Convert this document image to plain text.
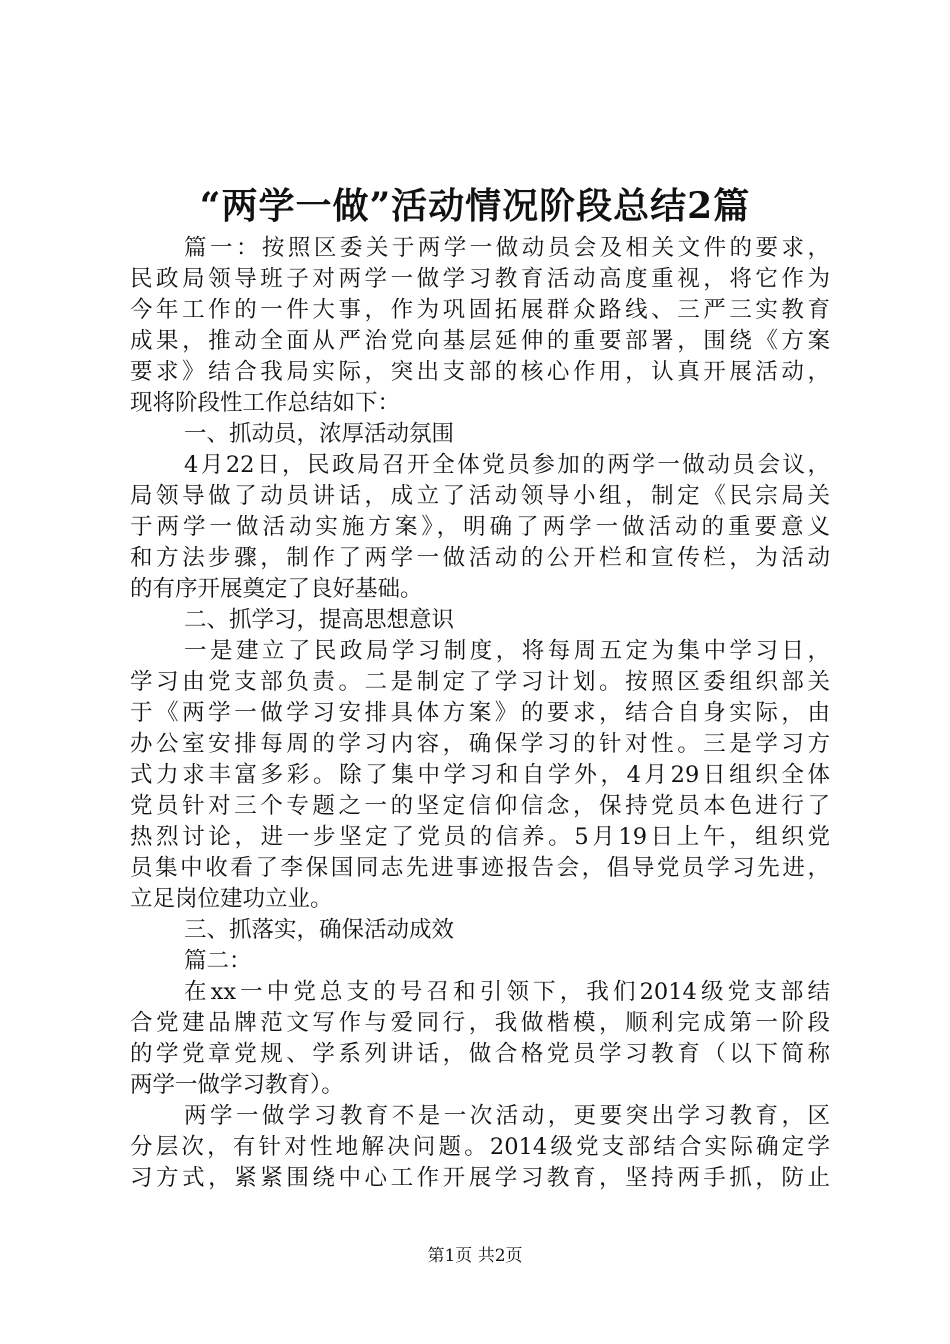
“两学一做”活动情况阶段总结2篇
篇一：按照区委关于两学一做动员会及相关文件的要求，
民政局领导班子对两学一做学习教育活动高度重视，将它作为
今年工作的一件大事，作为巩固拓展群众路线、三严三实教育
成果，推动全面从严治党向基层延伸的重要部署，围绕《方案
要求》结合我局实际，突出支部的核心作用，认真开展活动，
现将阶段性工作总结如下：
一、抓动员，浓厚活动氛围
4月22日，民政局召开全体党员参加的两学一做动员会议，
局领导做了动员讲话，成立了活动领导小组，制定《民宗局关
于两学一做活动实施方案》，明确了两学一做活动的重要意义
和方法步骤，制作了两学一做活动的公开栏和宣传栏，为活动
的有序开展奠定了良好基础。
二、抓学习，提高思想意识
一是建立了民政局学习制度，将每周五定为集中学习日，
学习由党支部负责。二是制定了学习计划。按照区委组织部关
于《两学一做学习安排具体方案》的要求，结合自身实际，由
办公室安排每周的学习内容，确保学习的针对性。三是学习方
式力求丰富多彩。除了集中学习和自学外，4月29日组织全体
党员针对三个专题之一的坚定信仰信念，保持党员本色进行了
热烈讨论，进一步坚定了党员的信养。5月19日上午，组织党
员集中收看了李保国同志先进事迹报告会，倡导党员学习先进，
立足岗位建功立业。
三、抓落实，确保活动成效
篇二：
在xx一中党总支的号召和引领下，我们2014级党支部结
合党建品牌范文写作与爱同行，我做楷模，顺利完成第一阶段
的学党章党规、学系列讲话，做合格党员学习教育（以下简称
两学一做学习教育）。
两学一做学习教育不是一次活动，更要突出学习教育，区
分层次，有针对性地解决问题。2014级党支部结合实际确定学
习方式，紧紧围绕中心工作开展学习教育，坚持两手抓，防止
第1页 共2页
